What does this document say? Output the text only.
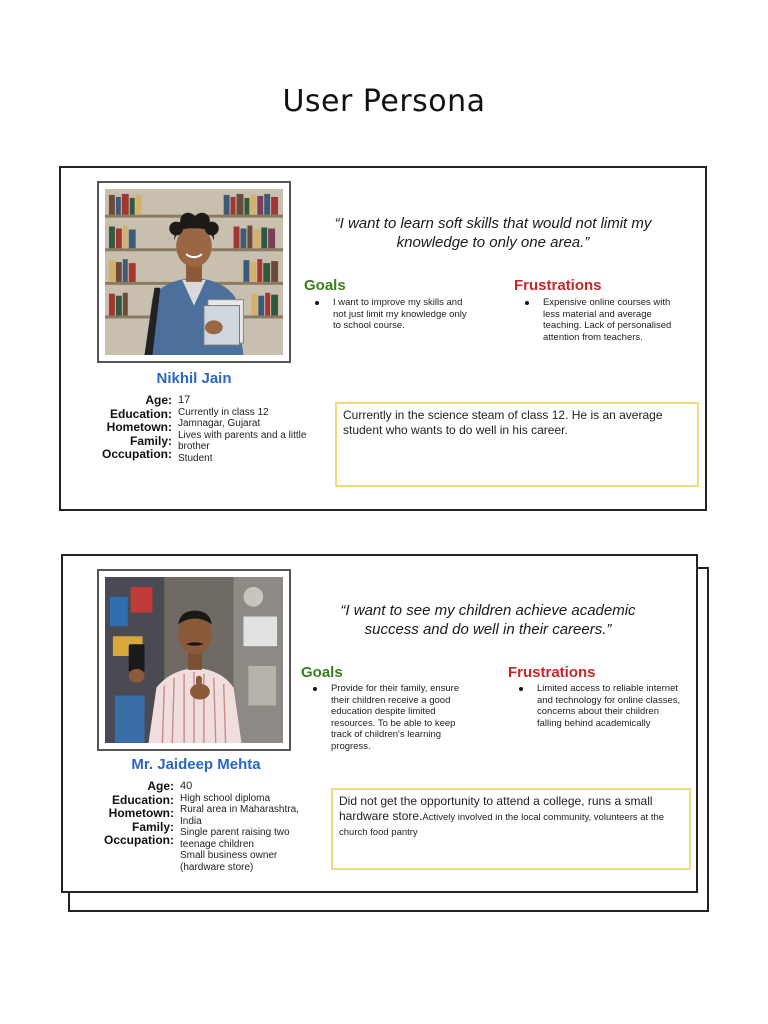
User Persona
Nikhil Jain
Age:
Education:
Hometown:
Family:
Occupation:
17
Currently in class 12
Jamnagar, Gujarat
Lives with parents and a little brother
Student
“I want to learn soft skills that would not limit my knowledge to only one area.”
Goals
I want to improve my skills and not just limit my knowledge only to school course.
Frustrations
Expensive online courses with less material and average teaching. Lack of personalised attention from teachers.
Currently in the science steam of class 12. He is an average student who wants to do well in his career.
Mr. Jaideep Mehta
Age:
Education:
Hometown:
Family:
Occupation:
40
High school diploma
Rural area in Maharashtra, India
Single parent raising two teenage children
Small business owner (hardware store)
“I want to see my children achieve academic success and do well in their careers.”
Goals
Provide for their family, ensure their children receive a good education despite limited resources. To be able to keep track of children's learning progress.
Frustrations
Limited access to reliable internet and technology for online classes, concerns about their children falling behind academically
Did not get the opportunity to attend a college, runs a small hardware store.Actively involved in the local community, volunteers at the church food pantry
